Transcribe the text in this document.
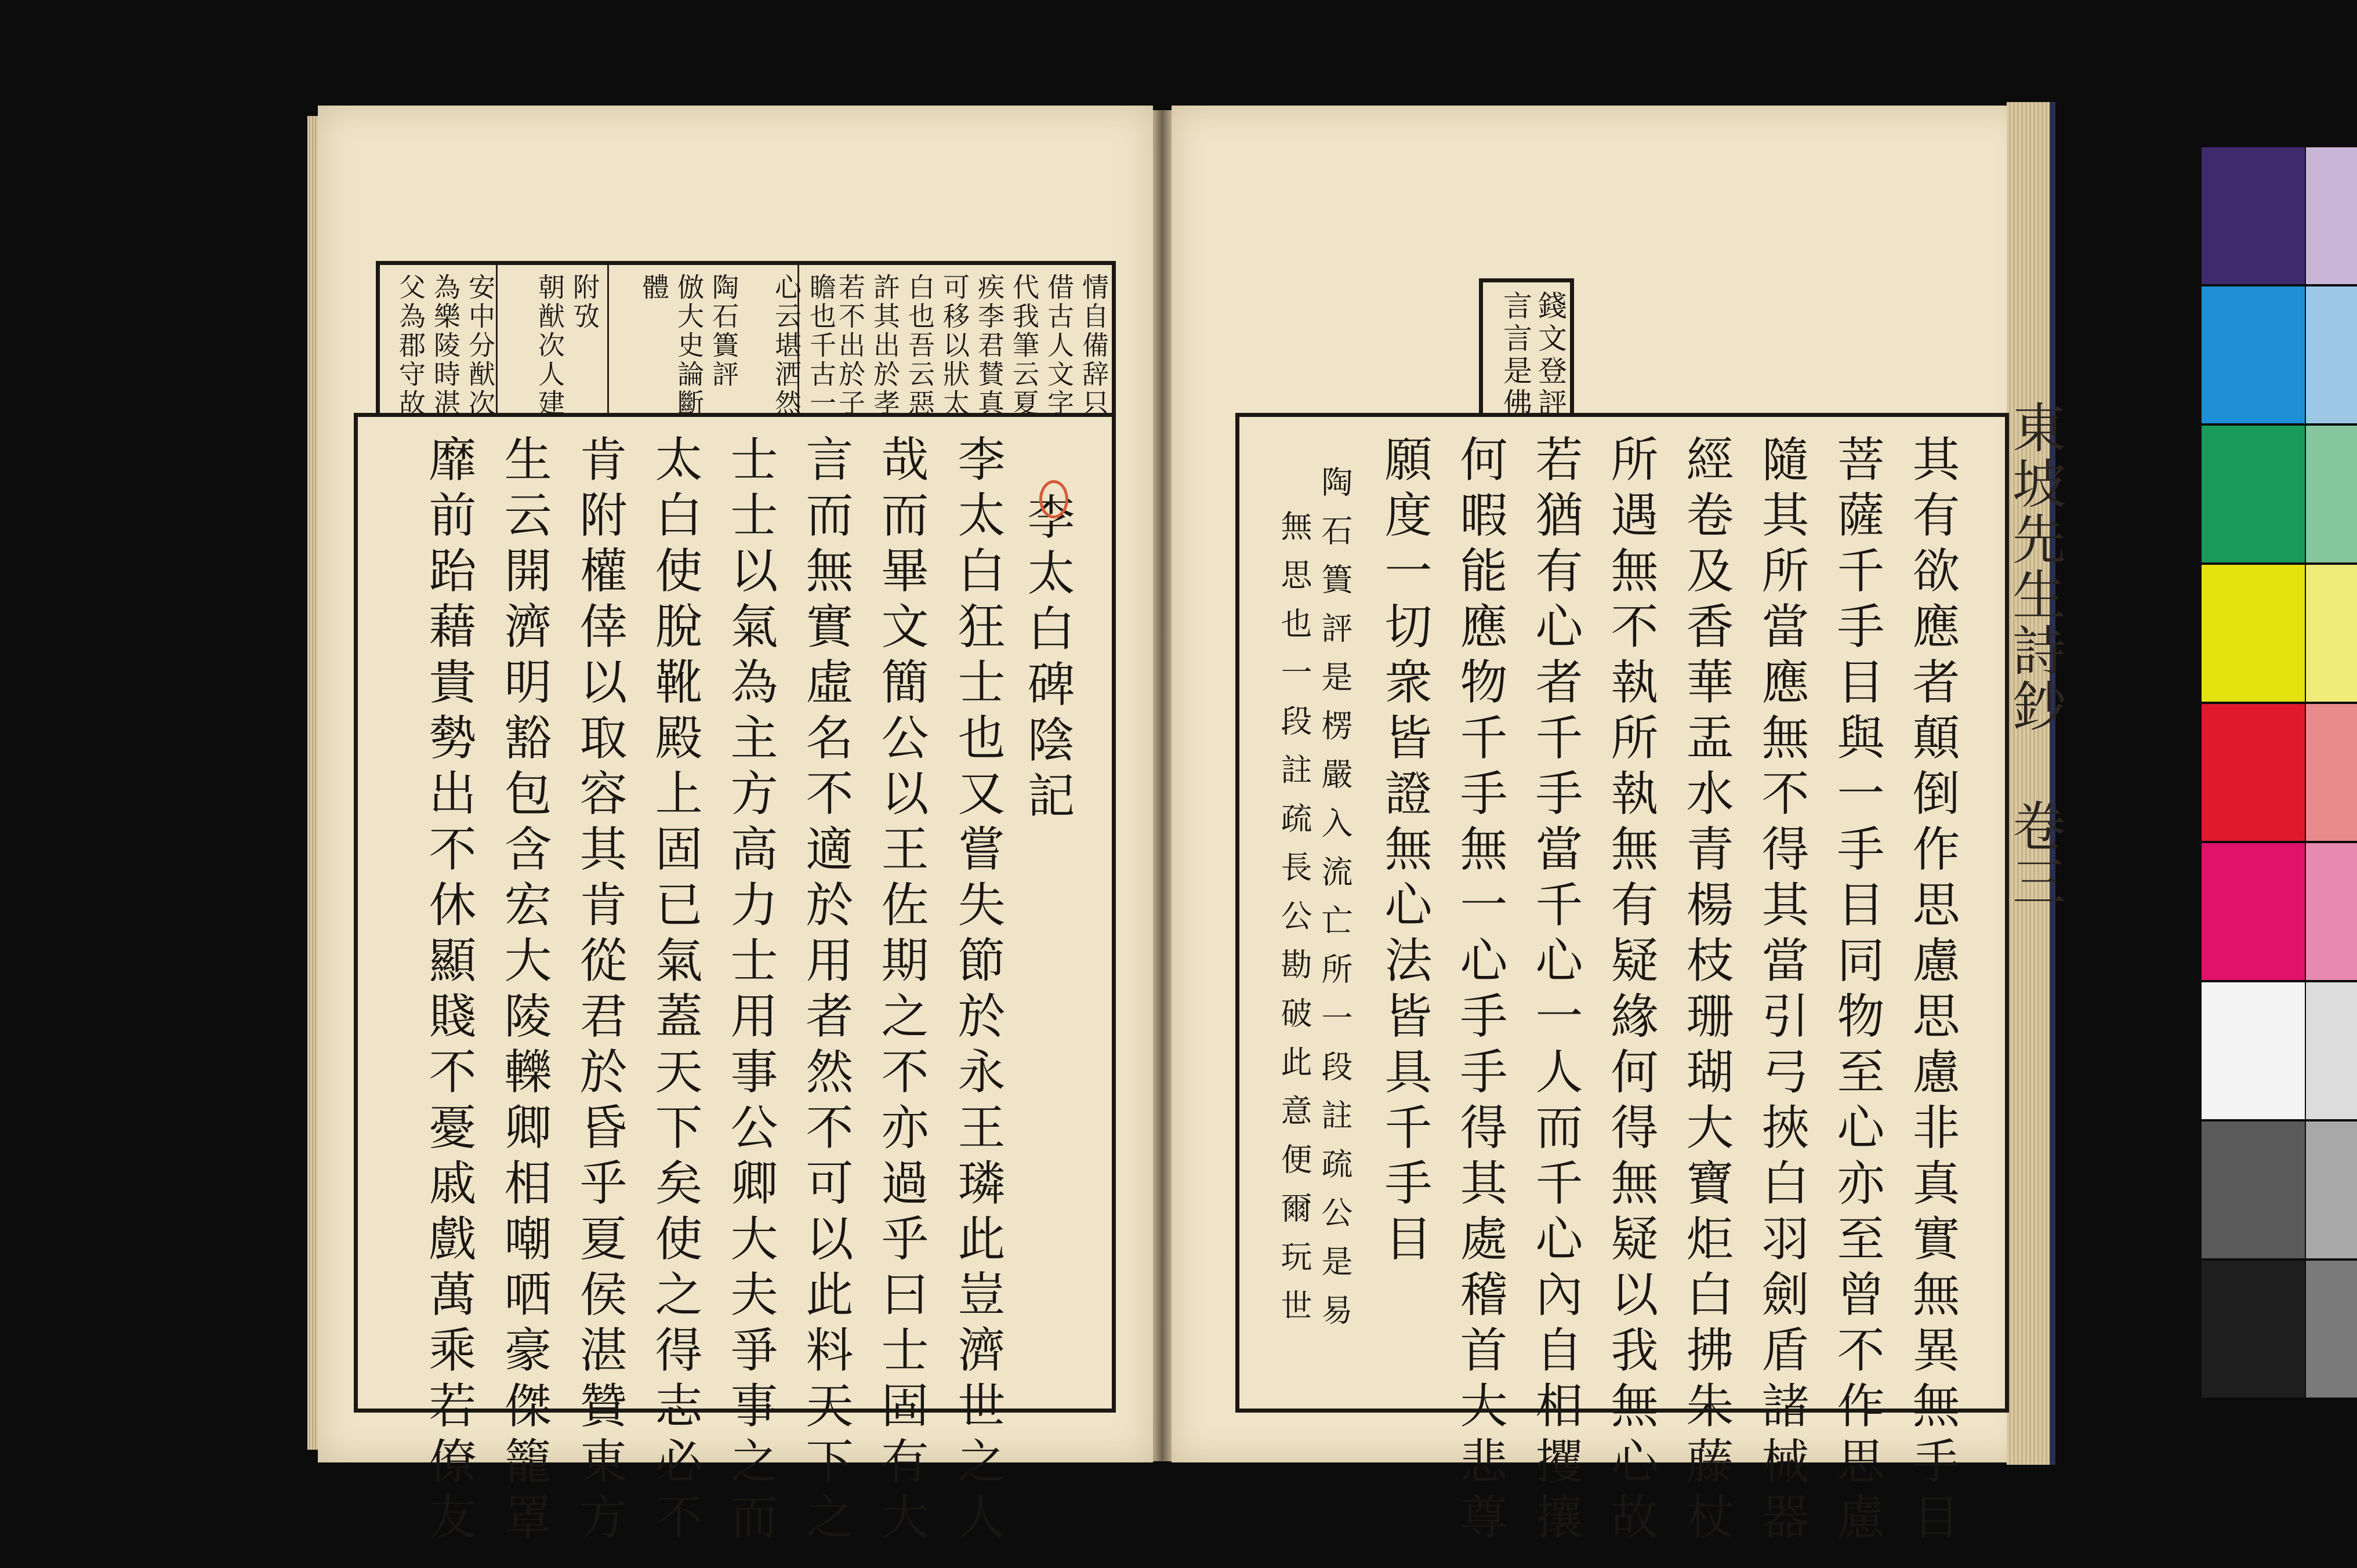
情自備辞只
借古人文字
代我筆云夏
疾李君賛真
可移以狀太
白也吾云惡
許其出於孝
若不出於子
瞻也千古一
心云堪洒然
陶石簣評
倣大史論斷
體
附攷
朝猷次人建
安中分猷次
為樂陵時湛
父為郡守故
李太白碑陰記
李太白狂士也又嘗失節於永王璘此豈濟世之人
哉而畢文簡公以王佐期之不亦過乎曰士固有大
言而無實虛名不適於用者然不可以此料天下之
士士以氣為主方高力士用事公卿大夫爭事之而
太白使脫靴殿上固已氣蓋天下矣使之得志必不
肯附權倖以取容其肯從君於昏乎夏侯湛贊東方
生云開濟明豁包含宏大陵轢卿相嘲哂豪傑籠罩
靡前跆藉貴勢出不休顯賤不憂戚戲萬乘若僚友
錢文登評
言言是佛
其有欲應者顛倒作思慮思慮非真實無異無手目
菩薩千手目與一手目同物至心亦至曾不作思慮
隨其所當應無不得其當引弓挾白羽劍盾諸械器
經卷及香華盂水青楊枝珊瑚大寶炬白拂朱藤杖
所遇無不執所執無有疑緣何得無疑以我無心故
若猶有心者千手當千心一人而千心內自相攫攘
何暇能應物千手無一心手手得其處稽首大悲尊
願度一切衆皆證無心法皆具千手目
陶石簣評是楞嚴入流亡所一段註疏公是易
無思也一段註疏長公勘破此意便爾玩世	東坡先生詩鈔 卷三
